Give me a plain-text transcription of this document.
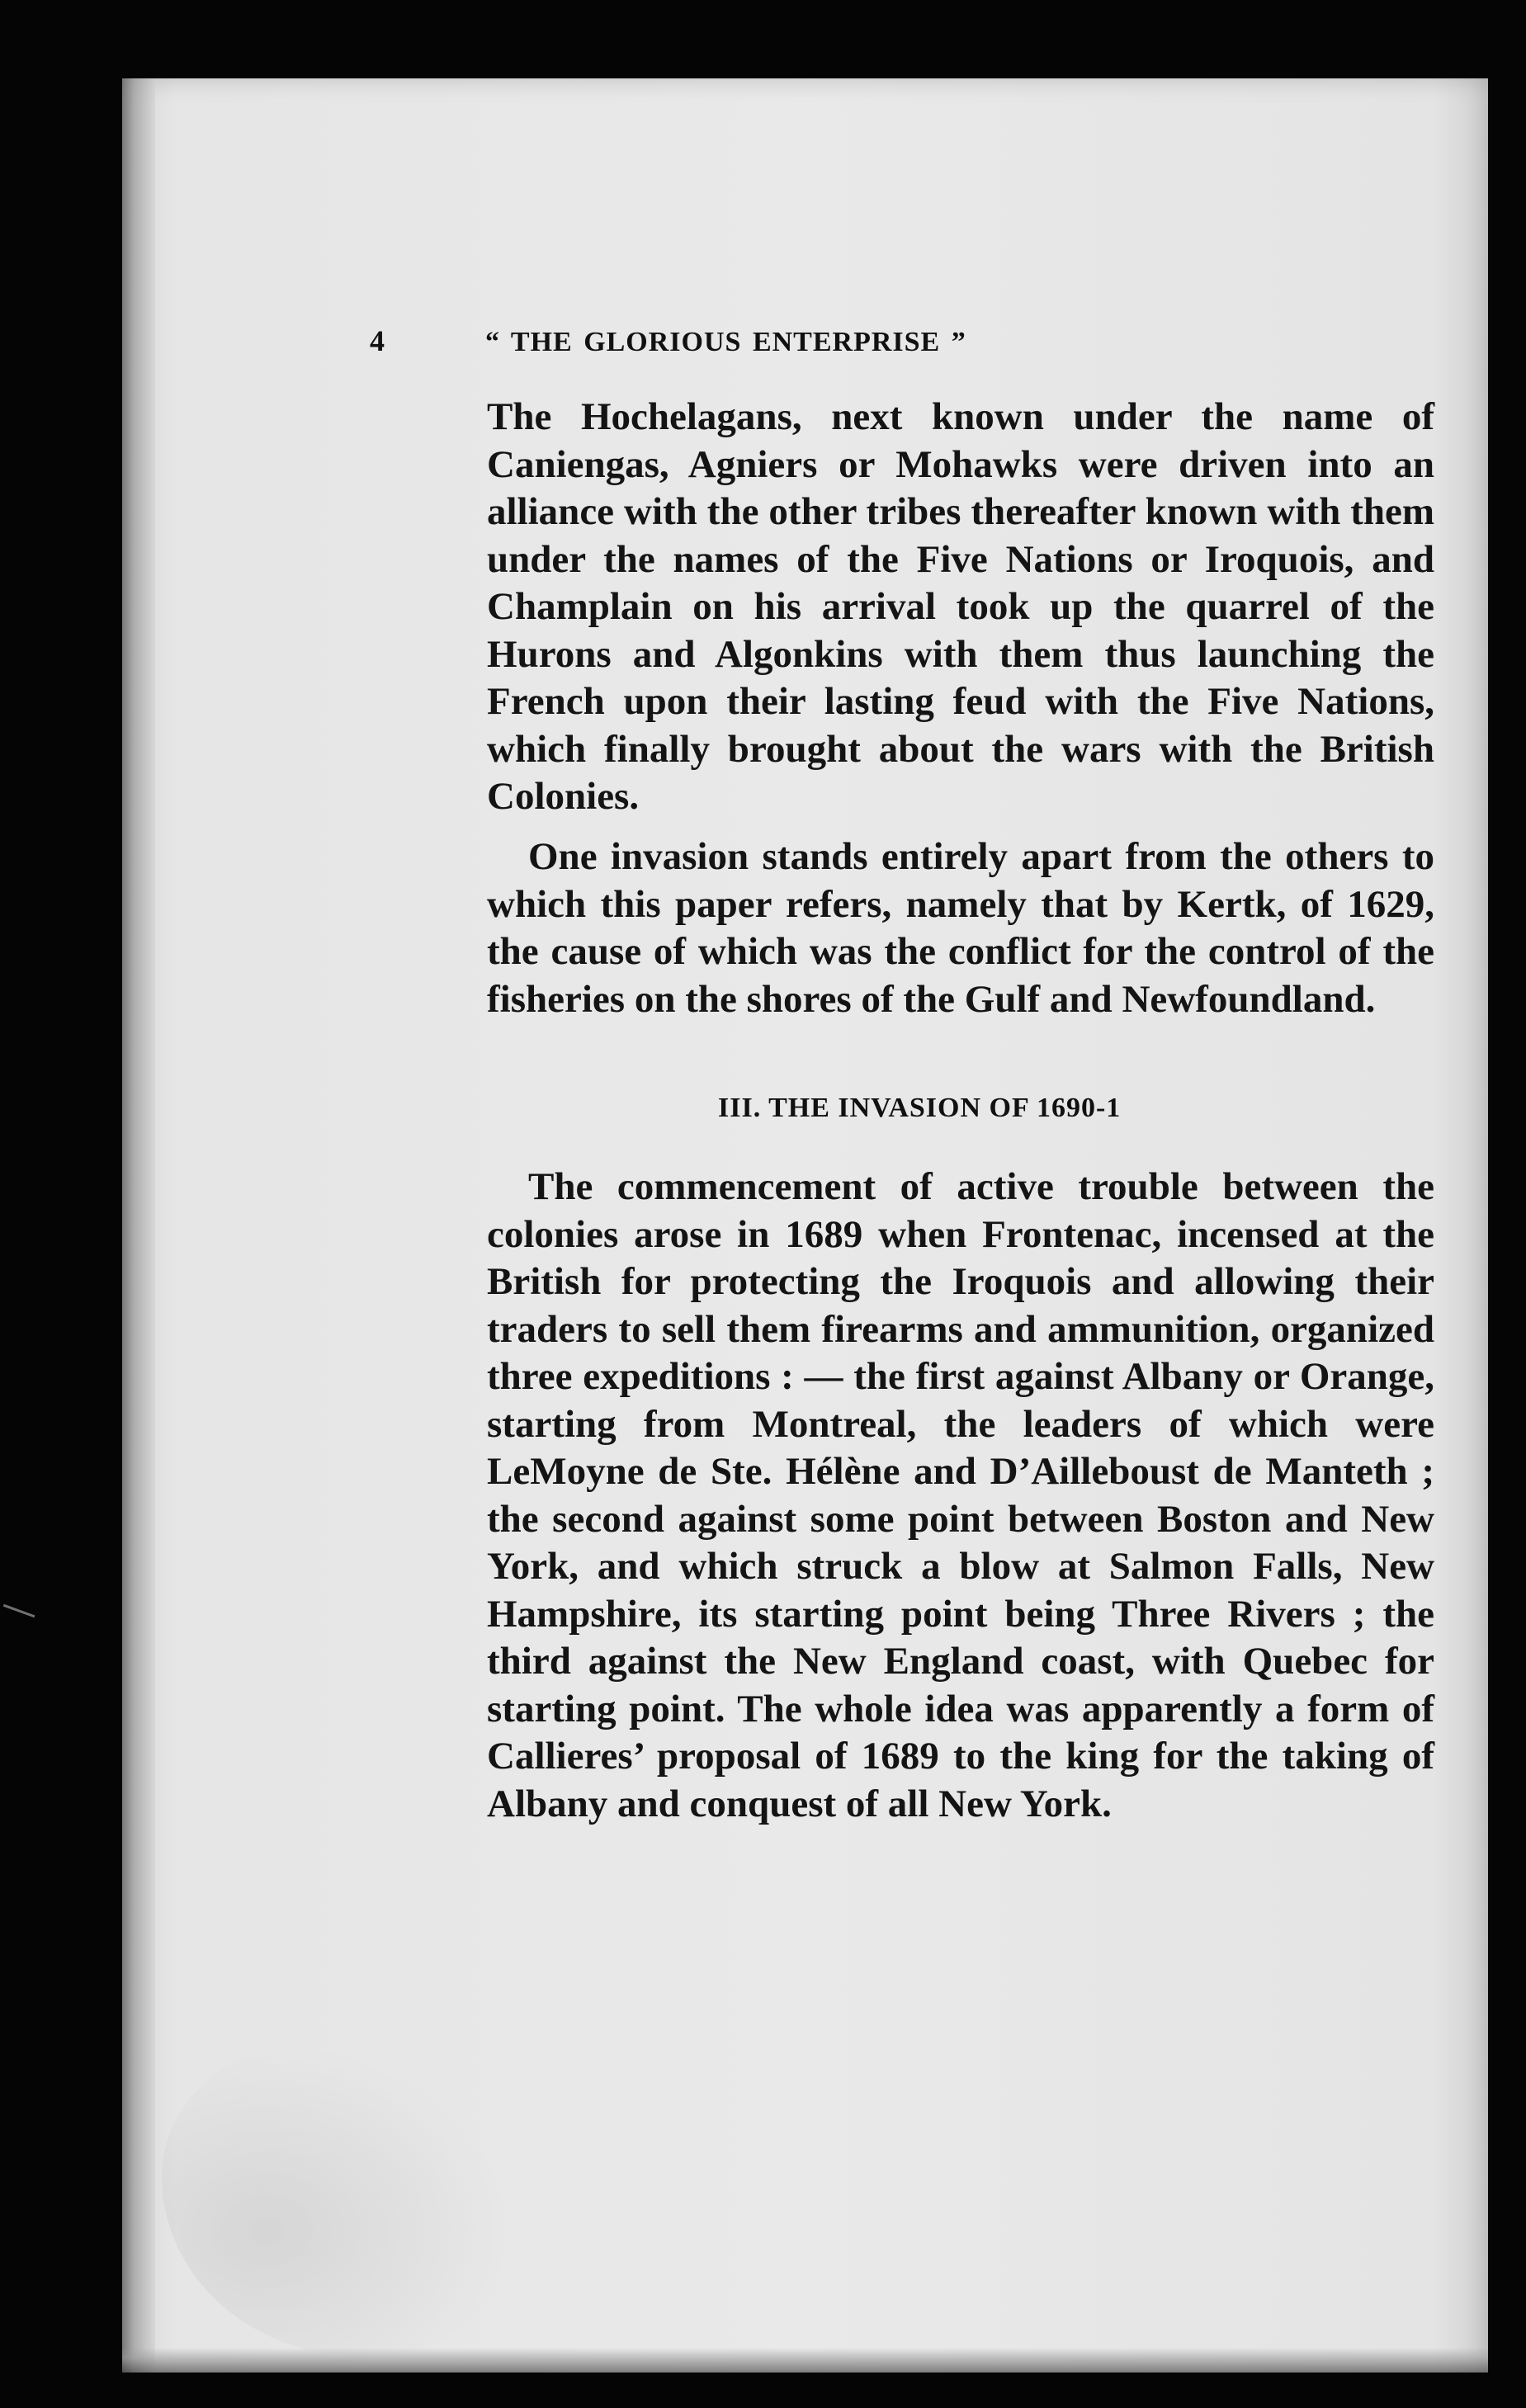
4	“ THE GLORIOUS ENTERPRISE ”

The Hochelagans, next known under the name of Caniengas, Agniers or Mohawks were driven into an alliance with the other tribes thereafter known with them under the names of the Five Nations or Iroquois, and Champlain on his arrival took up the quarrel of the Hurons and Algonkins with them thus launching the French upon their lasting feud with the Five Nations, which finally brought about the wars with the British Colonies.

One invasion stands entirely apart from the others to which this paper refers, namely that by Kertk, of 1629, the cause of which was the conflict for the control of the fisheries on the shores of the Gulf and Newfoundland.

III. THE INVASION OF 1690-1

The commencement of active trouble between the colonies arose in 1689 when Frontenac, incensed at the British for protecting the Iroquois and allowing their traders to sell them firearms and ammunition, organized three expeditions : — the first against Albany or Orange, starting from Montreal, the leaders of which were LeMoyne de Ste. Hélène and D’Ailleboust de Manteth ; the second against some point between Boston and New York, and which struck a blow at Salmon Falls, New Hampshire, its starting point being Three Rivers ; the third against the New England coast, with Quebec for starting point. The whole idea was apparently a form of Callieres’ proposal of 1689 to the king for the taking of Albany and conquest of all New York.
